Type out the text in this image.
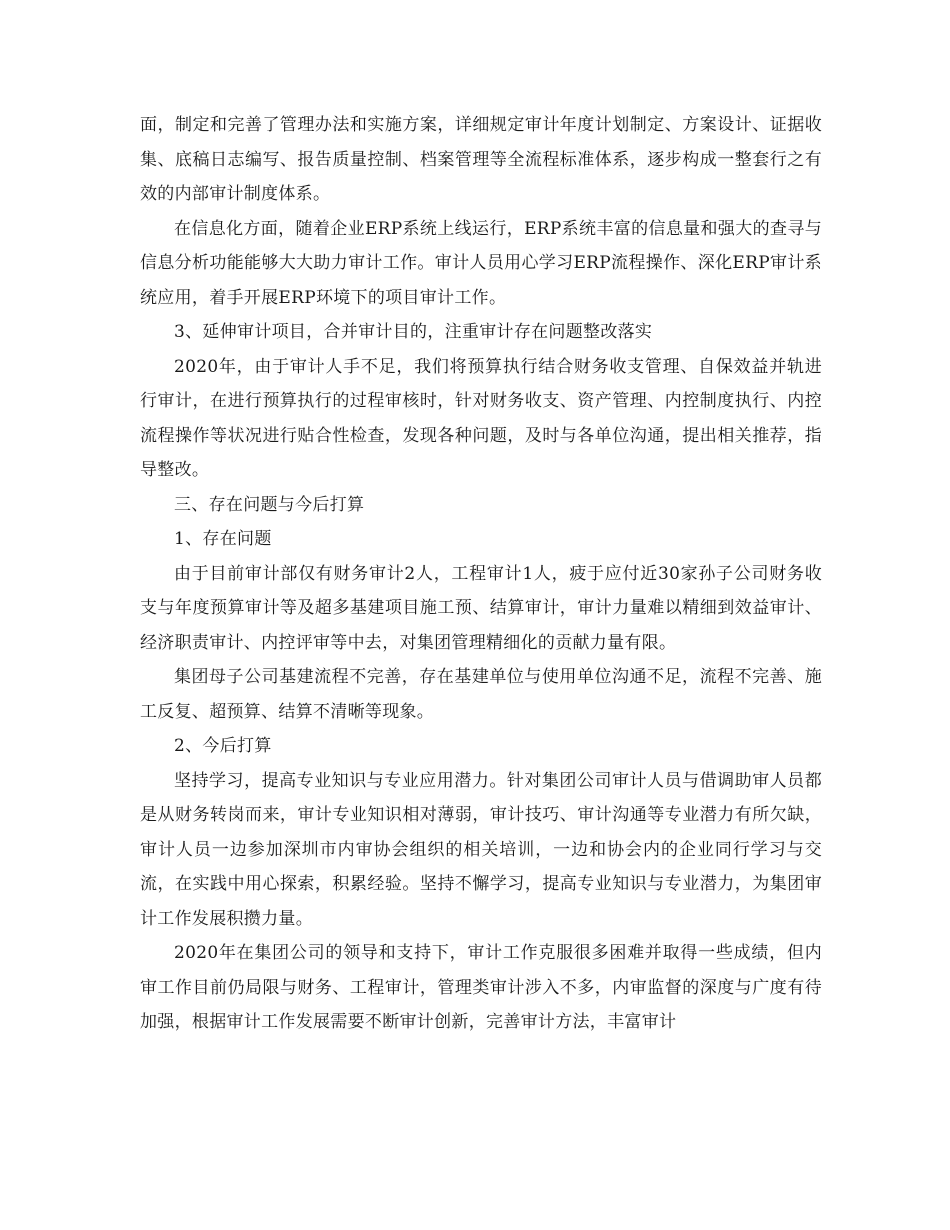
面，制定和完善了管理办法和实施方案，详细规定审计年度计划制定、方案设计、证据收集、底稿日志编写、报告质量控制、档案管理等全流程标准体系，逐步构成一整套行之有效的内部审计制度体系。

在信息化方面，随着企业ERP系统上线运行，ERP系统丰富的信息量和强大的查寻与信息分析功能能够大大助力审计工作。审计人员用心学习ERP流程操作、深化ERP审计系统应用，着手开展ERP环境下的项目审计工作。

3、延伸审计项目，合并审计目的，注重审计存在问题整改落实

2020年，由于审计人手不足，我们将预算执行结合财务收支管理、自保效益并轨进行审计，在进行预算执行的过程审核时，针对财务收支、资产管理、内控制度执行、内控流程操作等状况进行贴合性检查，发现各种问题，及时与各单位沟通，提出相关推荐，指导整改。

三、存在问题与今后打算

1、存在问题

由于目前审计部仅有财务审计2人，工程审计1人，疲于应付近30家孙子公司财务收支与年度预算审计等及超多基建项目施工预、结算审计，审计力量难以精细到效益审计、经济职责审计、内控评审等中去，对集团管理精细化的贡献力量有限。

集团母子公司基建流程不完善，存在基建单位与使用单位沟通不足，流程不完善、施工反复、超预算、结算不清晰等现象。

2、今后打算

坚持学习，提高专业知识与专业应用潜力。针对集团公司审计人员与借调助审人员都是从财务转岗而来，审计专业知识相对薄弱，审计技巧、审计沟通等专业潜力有所欠缺，审计人员一边参加深圳市内审协会组织的相关培训，一边和协会内的企业同行学习与交流，在实践中用心探索，积累经验。坚持不懈学习，提高专业知识与专业潜力，为集团审计工作发展积攒力量。

2020年在集团公司的领导和支持下，审计工作克服很多困难并取得一些成绩，但内审工作目前仍局限与财务、工程审计，管理类审计涉入不多，内审监督的深度与广度有待加强，根据审计工作发展需要不断审计创新，完善审计方法，丰富审计
